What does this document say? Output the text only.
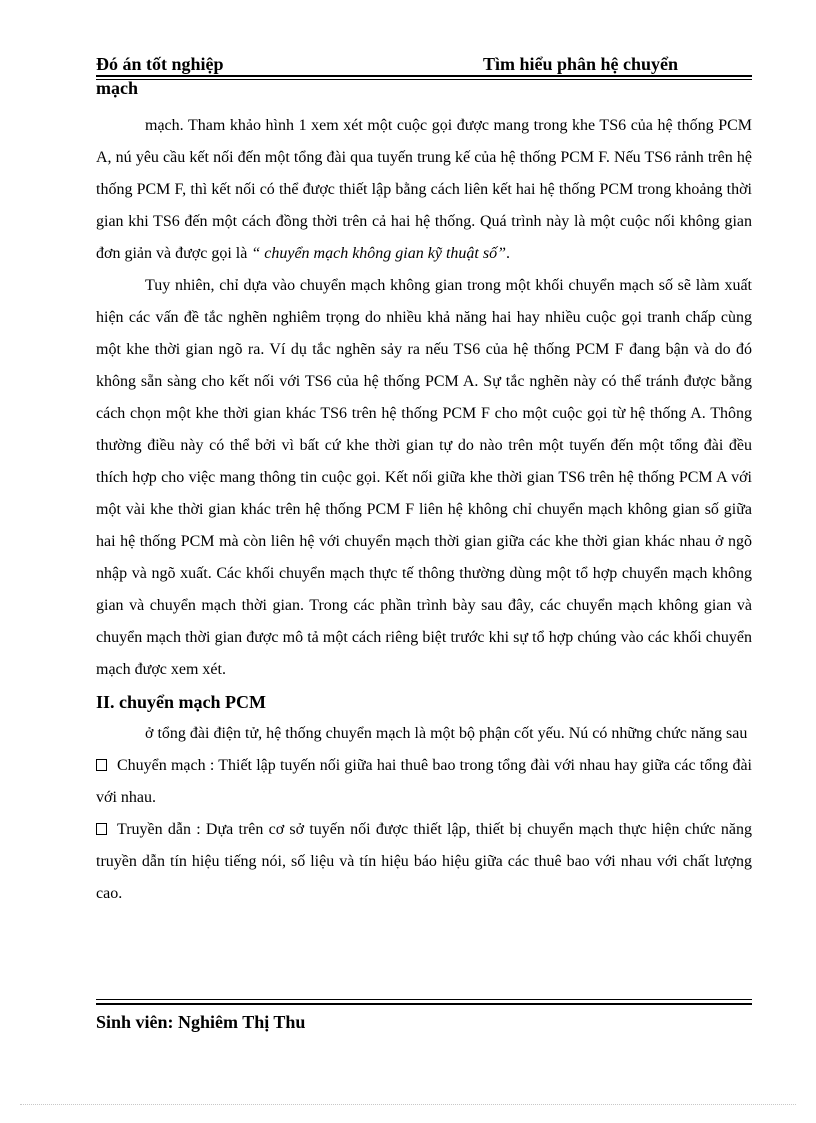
Đó án tốt nghiệp	Tìm hiểu phân hệ chuyển
mạch

mạch. Tham khảo hình 1 xem xét một cuộc gọi được mang trong khe TS6 của hệ thống PCM A, nú yêu cầu kết nối đến một tổng đài qua tuyến trung kế của hệ thống PCM F. Nếu TS6 rảnh trên hệ thống PCM F, thì kết nối có thể được thiết lập bằng cách liên kết hai hệ thống PCM trong khoảng thời gian khi TS6 đến một cách đồng thời trên cả hai hệ thống. Quá trình này là một cuộc nối không gian đơn giản và được gọi là “ chuyển mạch không gian kỹ thuật số”.

Tuy nhiên, chỉ dựa vào chuyển mạch không gian trong một khối chuyển mạch số sẽ làm xuất hiện các vấn đề tắc nghẽn nghiêm trọng do nhiều khả năng hai hay nhiều cuộc gọi tranh chấp cùng một khe thời gian ngõ ra. Ví dụ tắc nghẽn sảy ra nếu TS6 của hệ thống PCM F đang bận và do đó không sẵn sàng cho kết nối với TS6 của hệ thống PCM A. Sự tắc nghẽn này có thể tránh được bằng cách chọn một khe thời gian khác TS6 trên hệ thống PCM F cho một cuộc gọi từ hệ thống A. Thông thường điều này có thể bởi vì bất cứ khe thời gian tự do nào trên một tuyến đến một tổng đài đều thích hợp cho việc mang thông tin cuộc gọi. Kết nối giữa khe thời gian TS6 trên hệ thống PCM A với một vài khe thời gian khác trên hệ thống PCM F liên hệ không chỉ chuyển mạch không gian số giữa hai hệ thống PCM mà còn liên hệ với chuyển mạch thời gian giữa các khe thời gian khác nhau ở ngõ nhập và ngõ xuất. Các khối chuyển mạch thực tế thông thường dùng một tổ hợp chuyển mạch không gian và chuyển mạch thời gian. Trong các phần trình bày sau đây, các chuyển mạch không gian và chuyển mạch thời gian được mô tả một cách riêng biệt trước khi sự tổ hợp chúng vào các khối chuyển mạch được xem xét.

II. chuyển mạch PCM

ở tổng đài điện tử, hệ thống chuyển mạch là một bộ phận cốt yếu. Nú có những chức năng sau

Chuyển mạch : Thiết lập tuyến nối giữa hai thuê bao trong tổng đài với nhau hay giữa các tổng đài với nhau.

Truyền dẫn : Dựa trên cơ sở tuyến nối được thiết lập, thiết bị chuyển mạch thực hiện chức năng truyền dẫn tín hiệu tiếng nói, số liệu và tín hiệu báo hiệu giữa các thuê bao với nhau với chất lượng cao.

Sinh viên: Nghiêm Thị Thu
